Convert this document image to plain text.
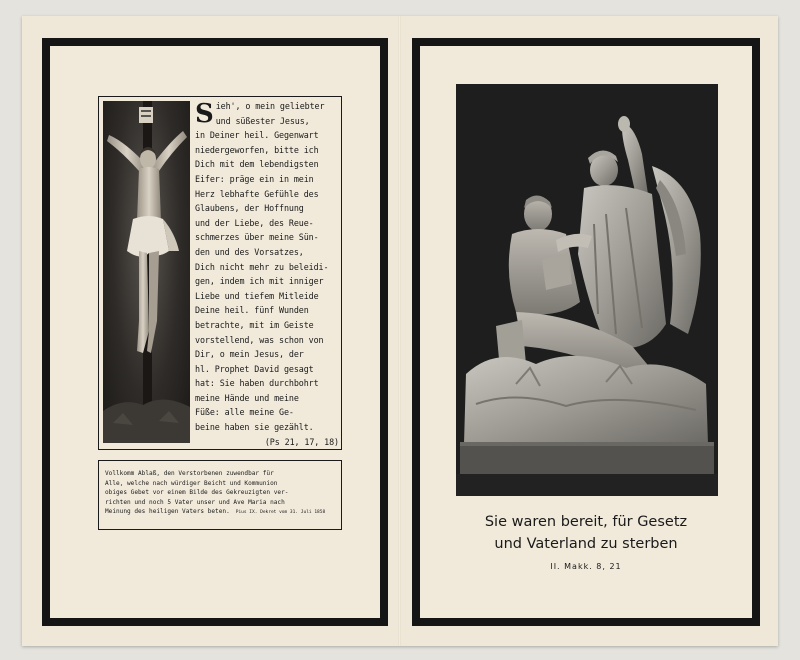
S ieh', o mein geliebter
und süßester Jesus,
in Deiner heil. Gegenwart
niedergeworfen, bitte ich
Dich mit dem lebendigsten
Eifer: präge ein in mein
Herz lebhafte Gefühle des
Glaubens, der Hoffnung
und der Liebe, des Reue-
schmerzes über meine Sün-
den und des Vorsatzes,
Dich nicht mehr zu beleidi-
gen, indem ich mit inniger
Liebe und tiefem Mitleide
Deine heil. fünf Wunden
betrachte, mit im Geiste
vorstellend, was schon von
Dir, o mein Jesus, der
hl. Prophet David gesagt
hat: Sie haben durchbohrt
meine Hände und meine
Füße: alle meine Ge-
beine haben sie gezählt.
(Ps 21, 17, 18)
Vollkomm Ablaß, den Verstorbenen zuwendbar für
Alle, welche nach würdiger Beicht und Kommunion
obiges Gebet vor einem Bilde des Gekreuzigten ver-
richten und noch 5 Vater unser und Ave Maria nach
Meinung des heiligen Vaters beten. Pius IX. Dekret vom 31. Juli 1858
Sie waren bereit, für Gesetz
und Vaterland zu sterben
II. Makk. 8, 21
